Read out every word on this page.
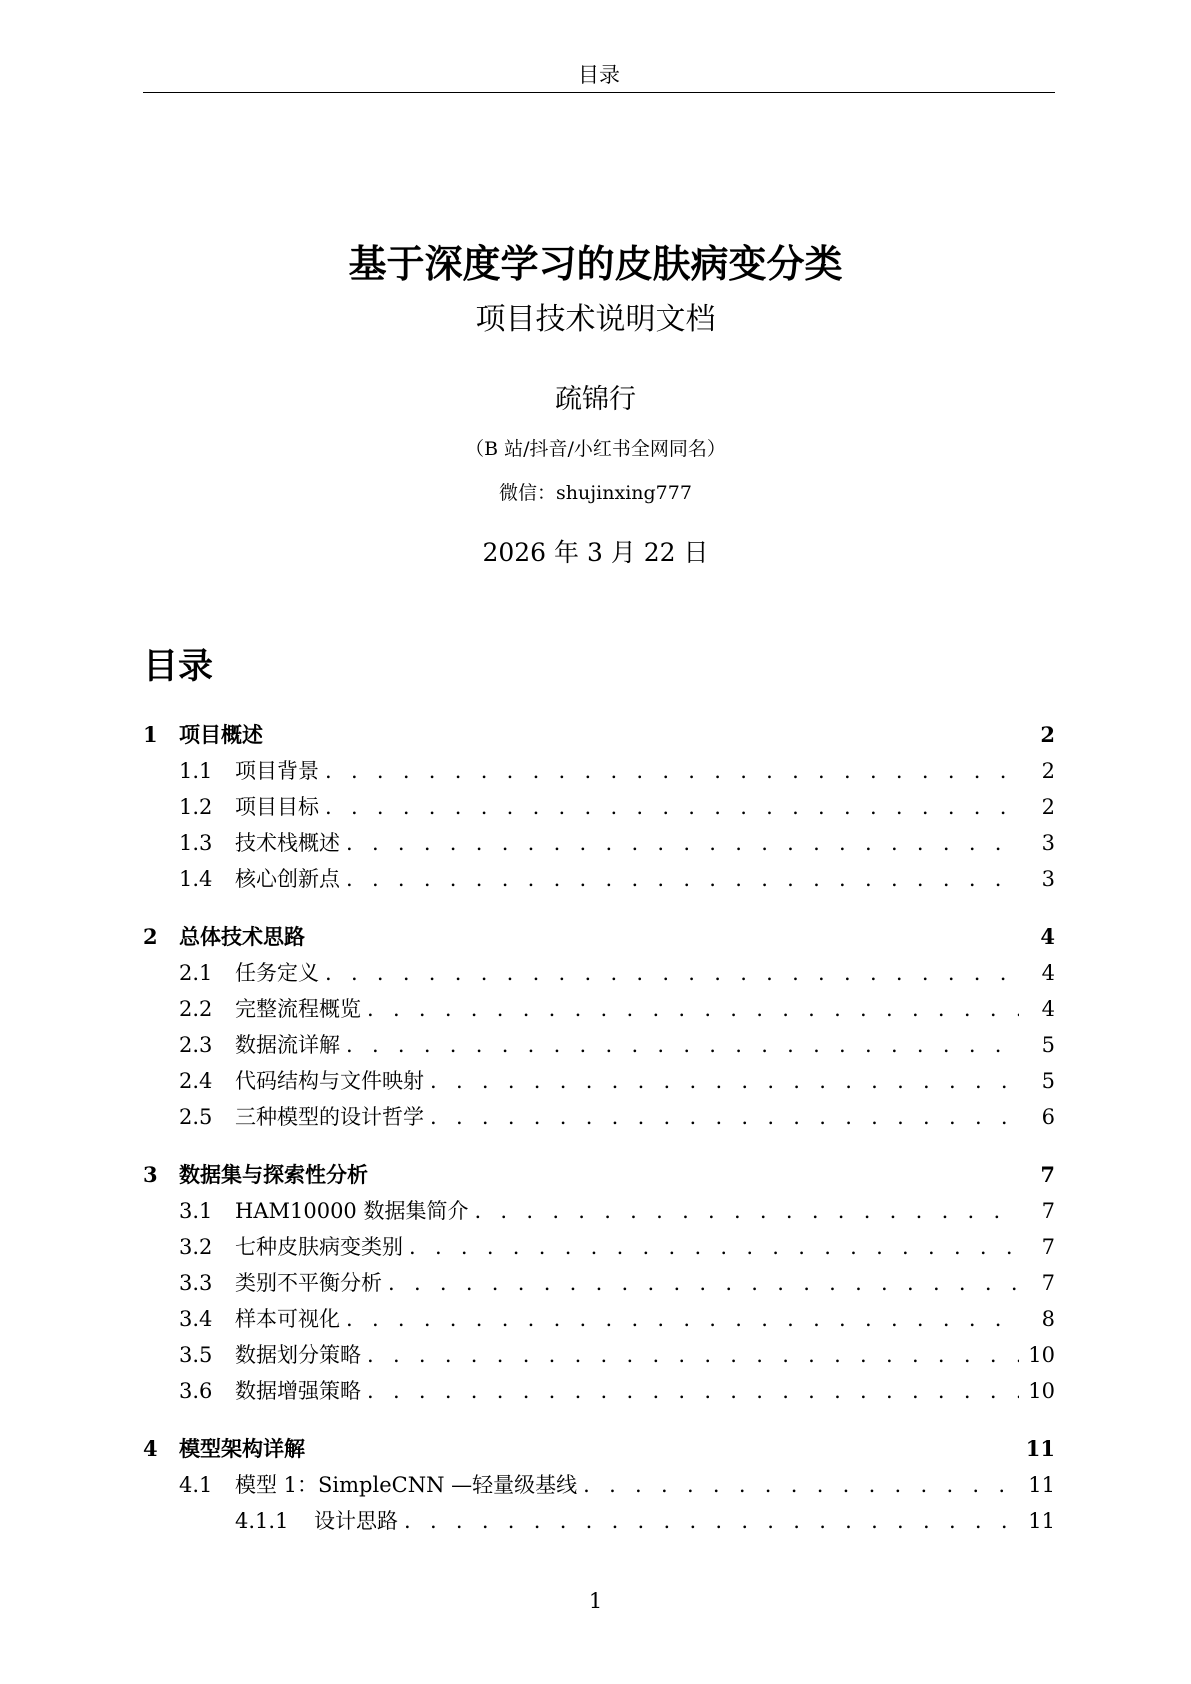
目录
基于深度学习的皮肤病变分类
项目技术说明文档
疏锦行
（B 站/抖音/小红书全网同名）
微信：shujinxing777
2026 年 3 月 22 日
目录
1	项目概述	2
1.1	项目背景 . . .	2
1.2	项目目标 . . .	2
1.3	技术栈概述 . . .	3
1.4	核心创新点 . . .	3
2	总体技术思路	4
2.1	任务定义 . . .	4
2.2	完整流程概览 . . .	4
2.3	数据流详解 . . .	5
2.4	代码结构与文件映射 . . .	5
2.5	三种模型的设计哲学 . . .	6
3	数据集与探索性分析	7
3.1	HAM10000 数据集简介 . . .	7
3.2	七种皮肤病变类别 . . .	7
3.3	类别不平衡分析 . . .	7
3.4	样本可视化 . . .	8
3.5	数据划分策略 . . .	10
3.6	数据增强策略 . . .	10
4	模型架构详解	11
4.1	模型 1：SimpleCNN —轻量级基线 . . .	11
4.1.1	设计思路 . . .	11
1
